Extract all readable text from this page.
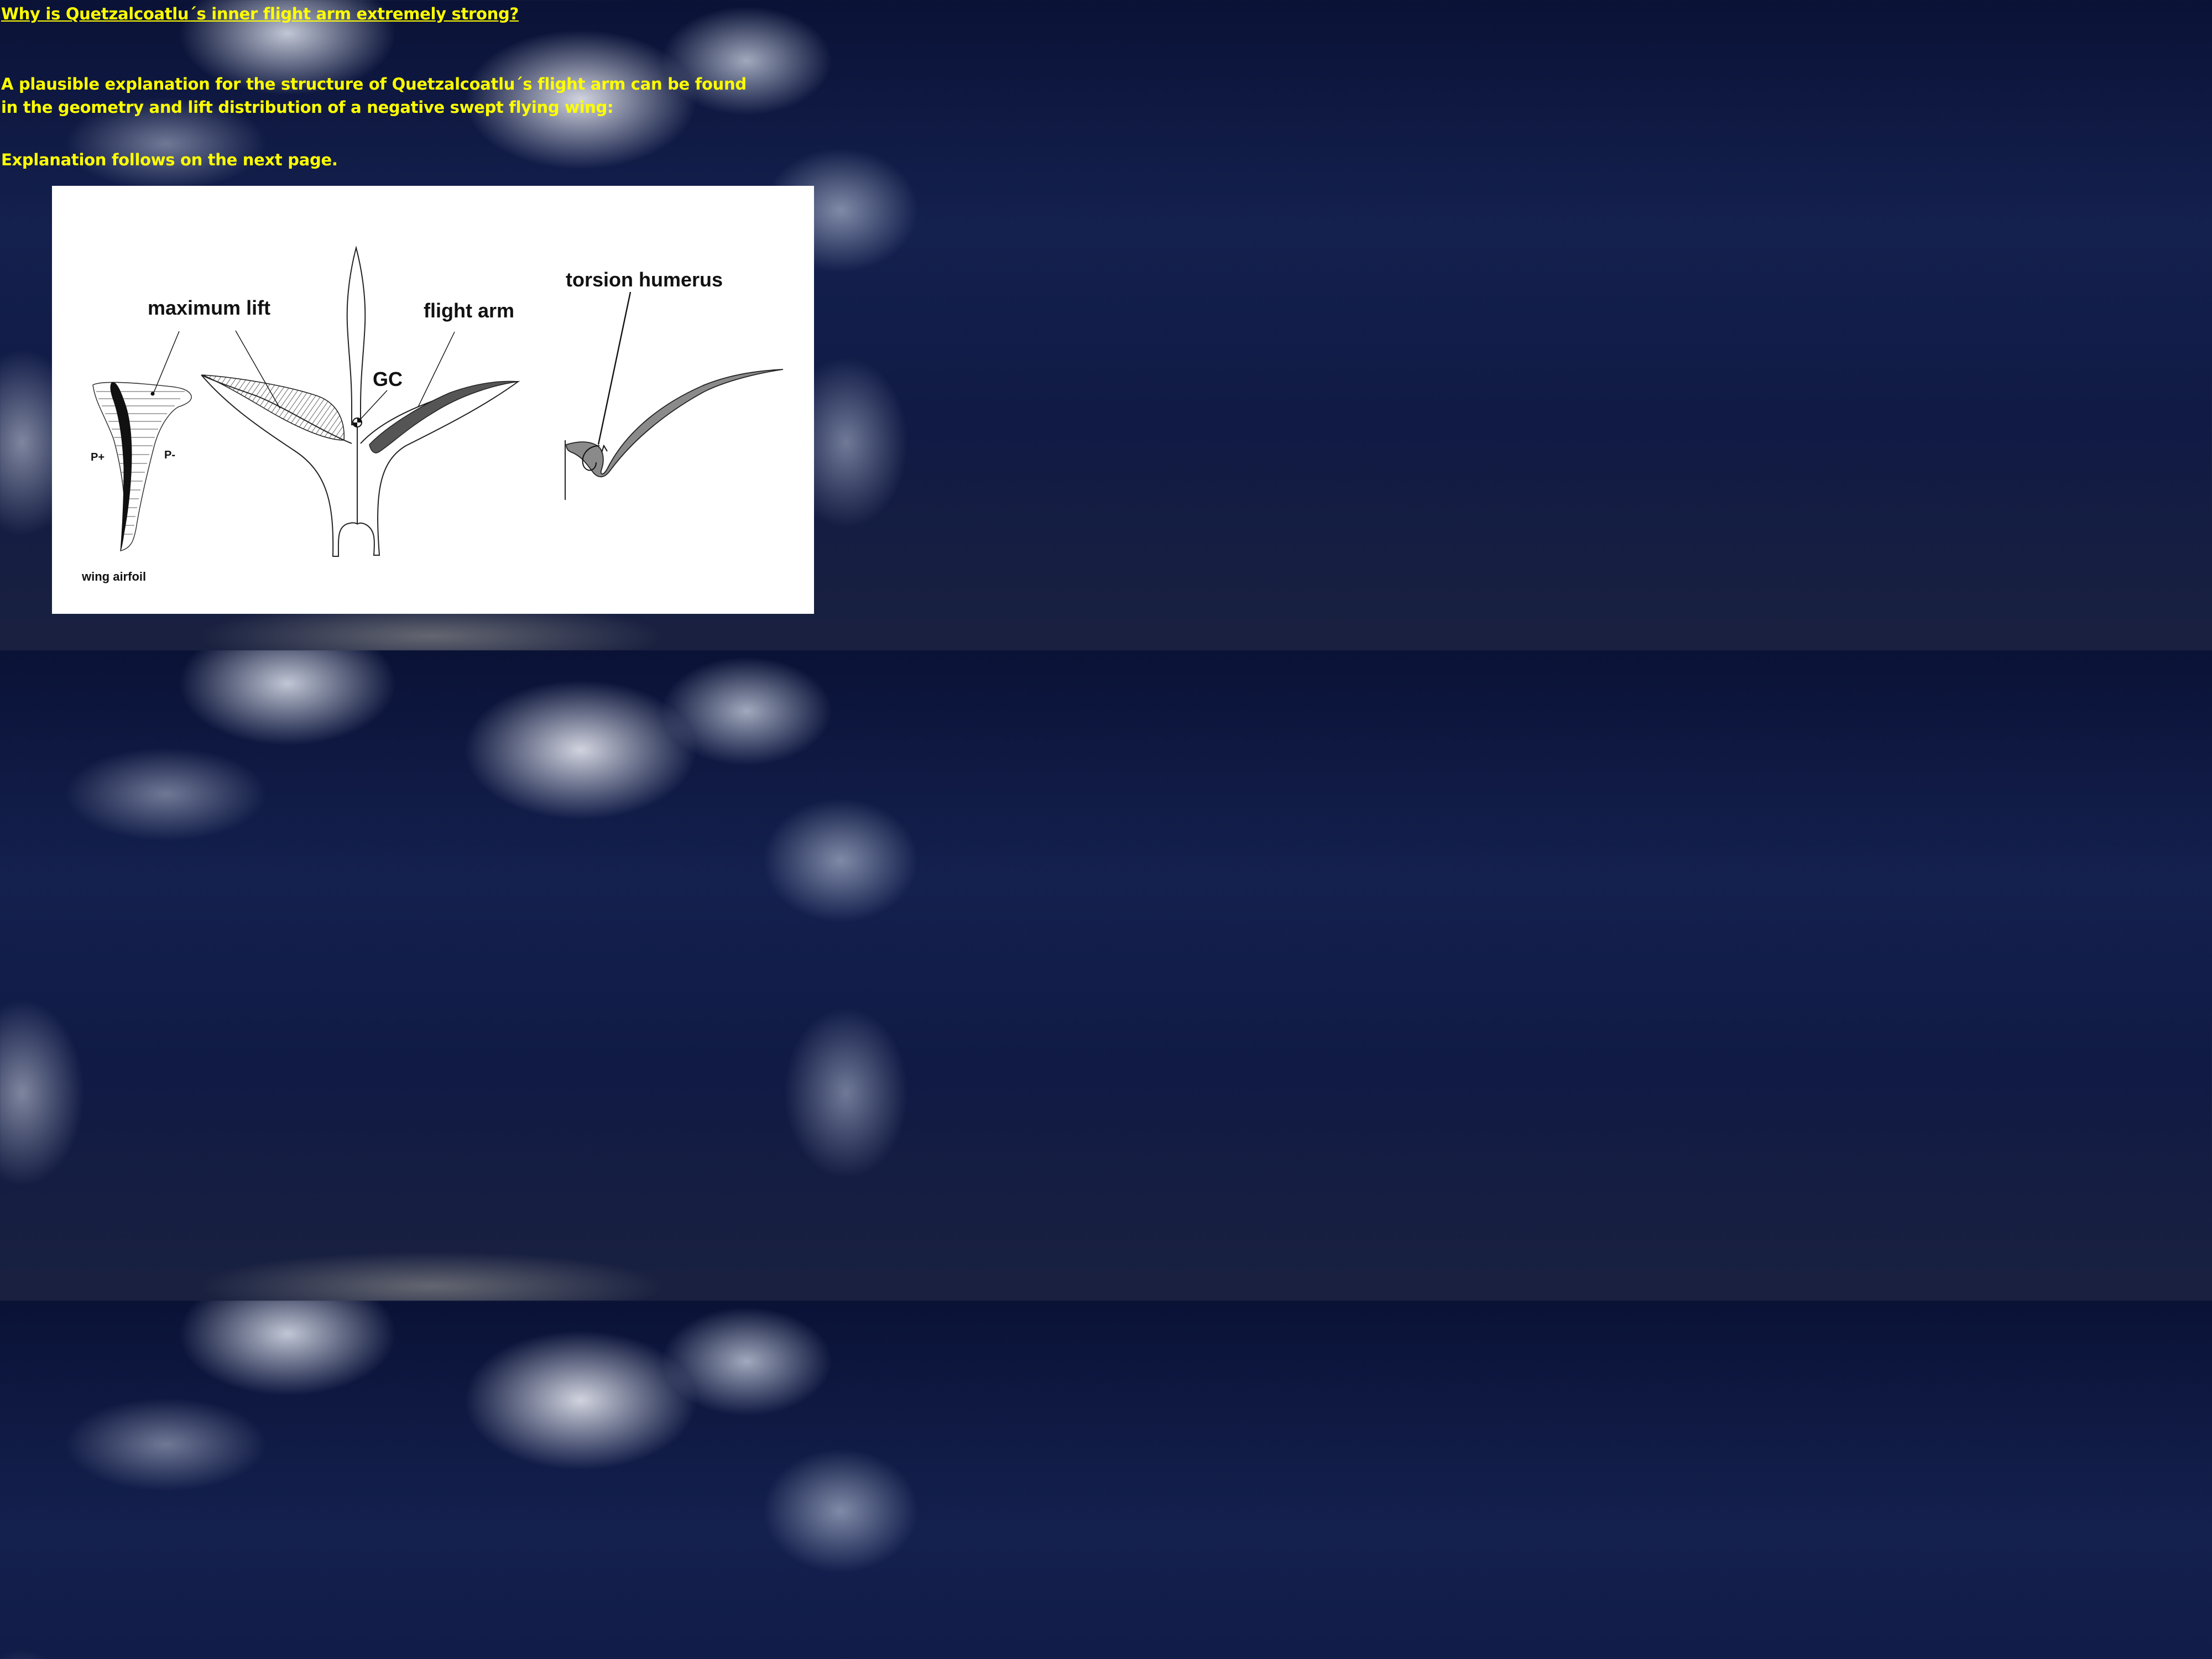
Why is Quetzalcoatlu´s inner flight arm extremely strong?
A plausible explanation for the structure of Quetzalcoatlu´s flight arm can be found
in the geometry and lift distribution of a negative swept flying wing:
Explanation follows on the next page.
P+	P-
wing airfoil
maximum lift	flight arm
GC
torsion humerus
